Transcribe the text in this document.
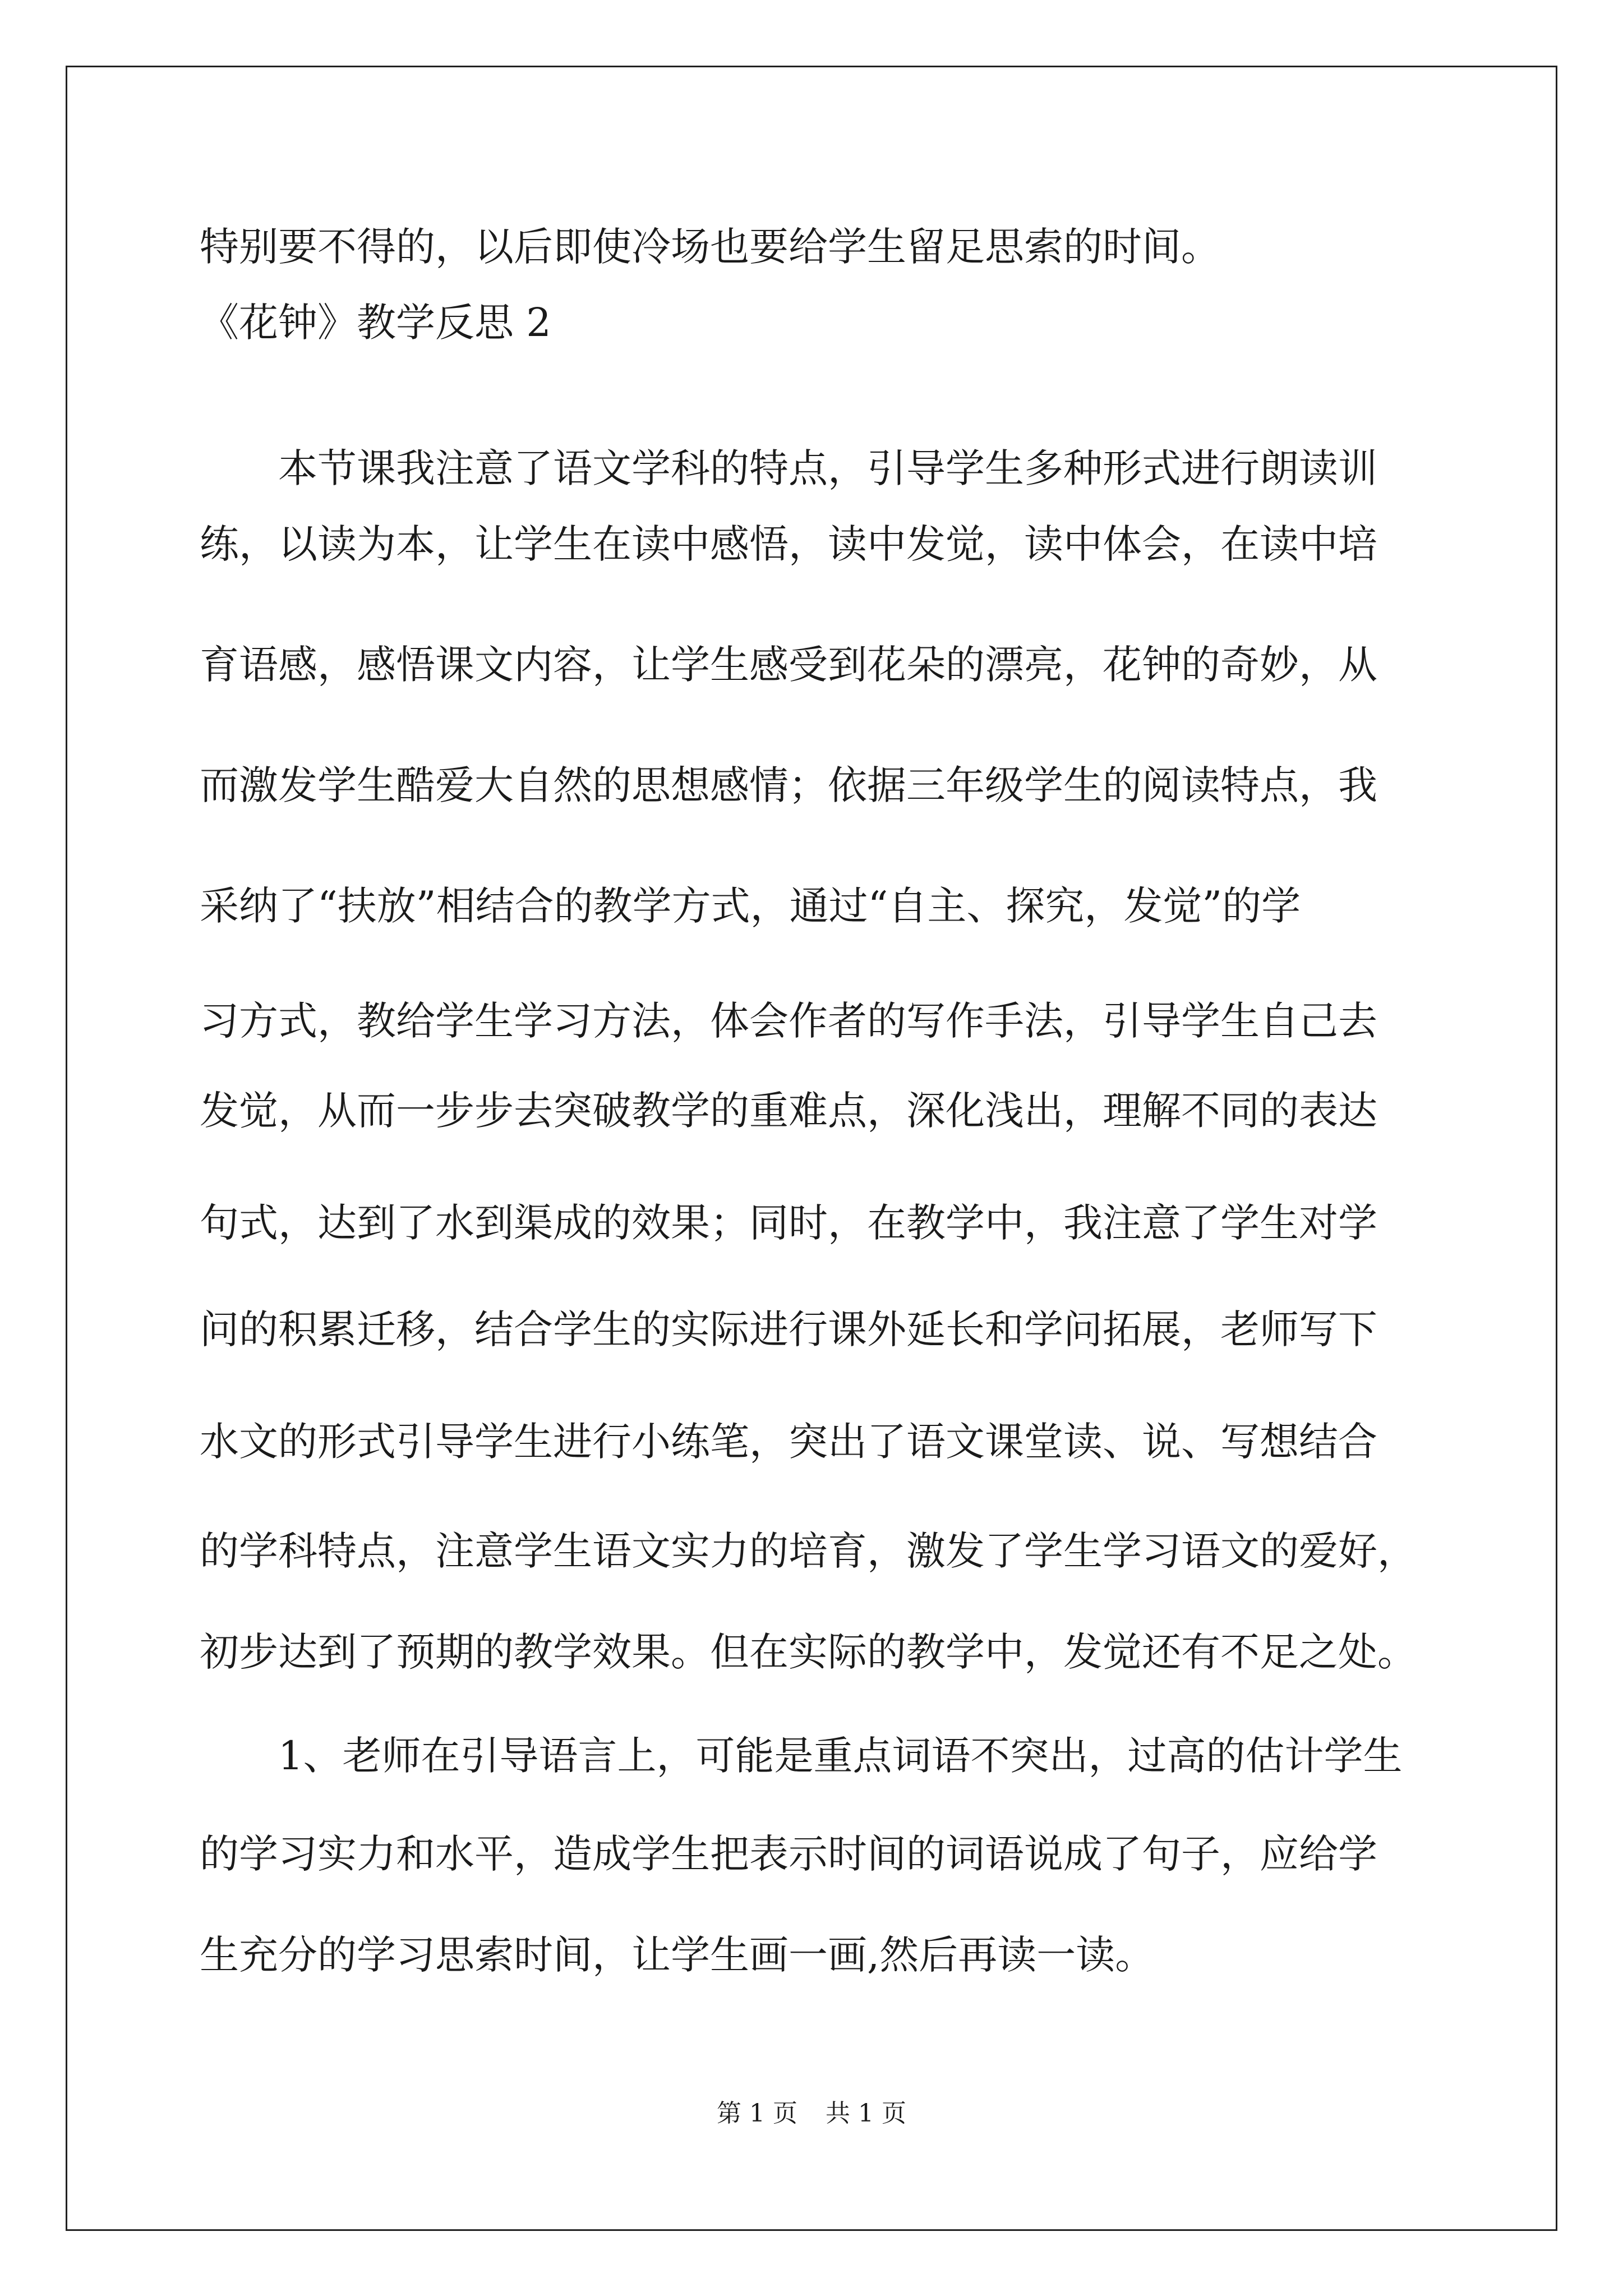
特别要不得的，以后即使冷场也要给学生留足思索的时间。

《花钟》教学反思 2

本节课我注意了语文学科的特点，引导学生多种形式进行朗读训

练，以读为本，让学生在读中感悟，读中发觉，读中体会，在读中培

育语感，感悟课文内容，让学生感受到花朵的漂亮，花钟的奇妙，从

而激发学生酷爱大自然的思想感情；依据三年级学生的阅读特点，我

采纳了“扶放”相结合的教学方式，通过“自主、探究，发觉”的学

习方式，教给学生学习方法，体会作者的写作手法，引导学生自己去

发觉，从而一步步去突破教学的重难点，深化浅出，理解不同的表达

句式，达到了水到渠成的效果；同时，在教学中，我注意了学生对学

问的积累迁移，结合学生的实际进行课外延长和学问拓展，老师写下

水文的形式引导学生进行小练笔，突出了语文课堂读、说、写想结合

的学科特点，注意学生语文实力的培育，激发了学生学习语文的爱好，

初步达到了预期的教学效果。但在实际的教学中，发觉还有不足之处。

1、老师在引导语言上，可能是重点词语不突出，过高的估计学生

的学习实力和水平，造成学生把表示时间的词语说成了句子，应给学

生充分的学习思索时间，让学生画一画,然后再读一读。

第 1 页 共 1 页
